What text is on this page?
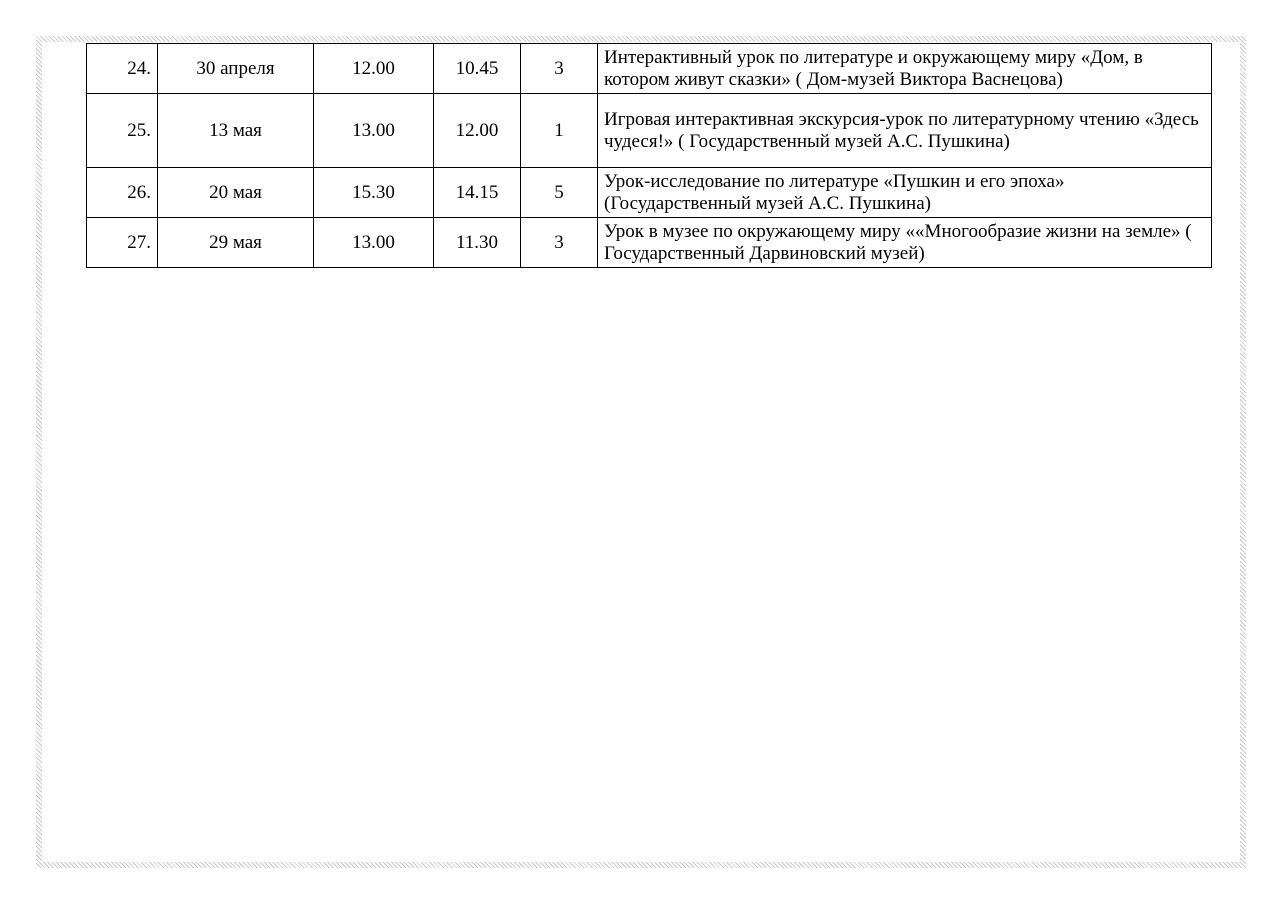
24.	30 апреля	12.00	10.45	3	Интерактивный урок по литературе и окружающему миру «Дом, в котором живут сказки» ( Дом-музей Виктора Васнецова)
25.	13 мая	13.00	12.00	1	Игровая интерактивная экскурсия-урок по литературному чтению «Здесь чудеся!» ( Государственный музей А.С. Пушкина)
26.	20 мая	15.30	14.15	5	Урок-исследование по литературе «Пушкин и его эпоха» (Государственный музей А.С. Пушкина)
27.	29 мая	13.00	11.30	3	Урок в музее по окружающему миру ««Многообразие жизни на земле» ( Государственный Дарвиновский музей)
